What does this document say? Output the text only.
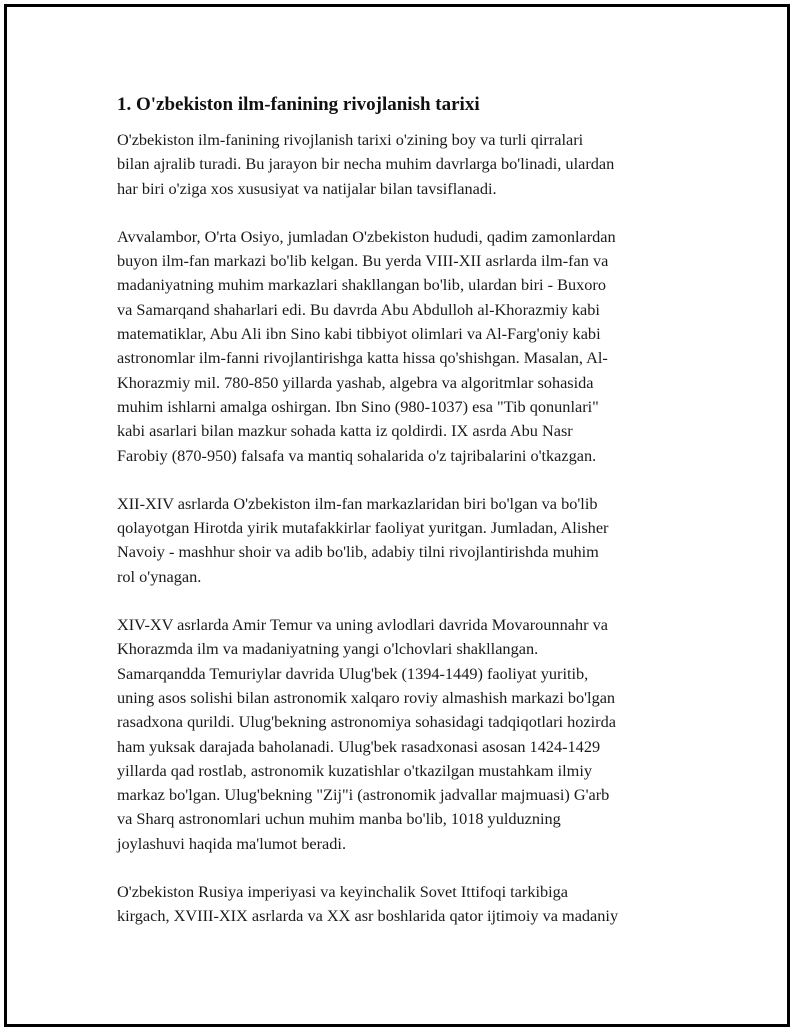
1. O'zbekiston ilm-fanining rivojlanish tarixi

O'zbekiston ilm-fanining rivojlanish tarixi o'zining boy va turli qirralari
bilan ajralib turadi. Bu jarayon bir necha muhim davrlarga bo'linadi, ulardan
har biri o'ziga xos xususiyat va natijalar bilan tavsiflanadi.

Avvalambor, O'rta Osiyo, jumladan O'zbekiston hududi, qadim zamonlardan
buyon ilm-fan markazi bo'lib kelgan. Bu yerda VIII-XII asrlarda ilm-fan va
madaniyatning muhim markazlari shakllangan bo'lib, ulardan biri - Buxoro
va Samarqand shaharlari edi. Bu davrda Abu Abdulloh al-Khorazmiy kabi
matematiklar, Abu Ali ibn Sino kabi tibbiyot olimlari va Al-Farg'oniy kabi
astronomlar ilm-fanni rivojlantirishga katta hissa qo'shishgan. Masalan, Al-
Khorazmiy mil. 780-850 yillarda yashab, algebra va algoritmlar sohasida
muhim ishlarni amalga oshirgan. Ibn Sino (980-1037) esa "Tib qonunlari"
kabi asarlari bilan mazkur sohada katta iz qoldirdi. IX asrda Abu Nasr
Farobiy (870-950) falsafa va mantiq sohalarida o'z tajribalarini o'tkazgan.

XII-XIV asrlarda O'zbekiston ilm-fan markazlaridan biri bo'lgan va bo'lib
qolayotgan Hirotda yirik mutafakkirlar faoliyat yuritgan. Jumladan, Alisher
Navoiy - mashhur shoir va adib bo'lib, adabiy tilni rivojlantirishda muhim
rol o'ynagan.

XIV-XV asrlarda Amir Temur va uning avlodlari davrida Movarounnahr va
Khorazmda ilm va madaniyatning yangi o'lchovlari shakllangan.
Samarqandda Temuriylar davrida Ulug'bek (1394-1449) faoliyat yuritib,
uning asos solishi bilan astronomik xalqaro roviy almashish markazi bo'lgan
rasadxona qurildi. Ulug'bekning astronomiya sohasidagi tadqiqotlari hozirda
ham yuksak darajada baholanadi. Ulug'bek rasadxonasi asosan 1424-1429
yillarda qad rostlab, astronomik kuzatishlar o'tkazilgan mustahkam ilmiy
markaz bo'lgan. Ulug'bekning "Zij"i (astronomik jadvallar majmuasi) G'arb
va Sharq astronomlari uchun muhim manba bo'lib, 1018 yulduzning
joylashuvi haqida ma'lumot beradi.

O'zbekiston Rusiya imperiyasi va keyinchalik Sovet Ittifoqi tarkibiga
kirgach, XVIII-XIX asrlarda va XX asr boshlarida qator ijtimoiy va madaniy
